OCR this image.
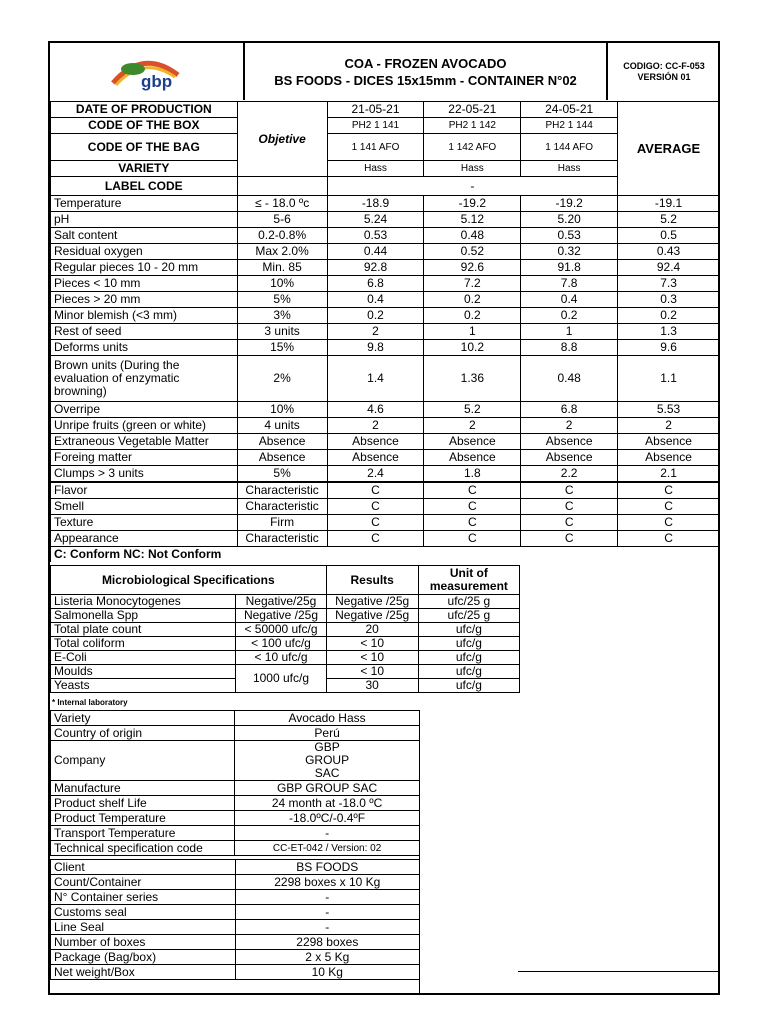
gbp

COA - FROZEN AVOCADO
BS FOODS - DICES 15x15mm - CONTAINER N°02

CODIGO: CC-F-053
VERSIÓN 01
DATE OF PRODUCTION	Objetive	21-05-21	22-05-21	24-05-21	AVERAGE
CODE OF THE BOX		PH2 1 141	PH2 1 142	PH2 1 144	
CODE OF THE BAG		1 141 AFO	1 142 AFO	1 144 AFO	
VARIETY		Hass	Hass	Hass	
LABEL CODE		-			
Temperature	≤ - 18.0 ºc	-18.9	-19.2	-19.2	-19.1
pH	5-6	5.24	5.12	5.20	5.2
Salt content	0.2-0.8%	0.53	0.48	0.53	0.5
Residual oxygen	Max 2.0%	0.44	0.52	0.32	0.43
Regular pieces 10 - 20 mm	Min. 85	92.8	92.6	91.8	92.4
Pieces < 10 mm	10%	6.8	7.2	7.8	7.3
Pieces > 20 mm	5%	0.4	0.2	0.4	0.3
Minor blemish (<3 mm)	3%	0.2	0.2	0.2	0.2
Rest of seed	3 units	2	1	1	1.3
Deforms units	15%	9.8	10.2	8.8	9.6
Brown units (During the evaluation of enzymatic browning)	2%	1.4	1.36	0.48	1.1
Overripe	10%	4.6	5.2	6.8	5.53
Unripe fruits (green or white)	4 units	2	2	2	2
Extraneous Vegetable Matter	Absence	Absence	Absence	Absence	Absence
Foreing matter	Absence	Absence	Absence	Absence	Absence
Clumps > 3 units	5%	2.4	1.8	2.2	2.1
Flavor	Characteristic	C	C	C	C
Smell	Characteristic	C	C	C	C
Texture	Firm	C	C	C	C
Appearance	Characteristic	C	C	C	C
C: Conform NC: Not Conform					
Microbiological Specifications		Results	Unit of measurement
Listeria Monocytogenes	Negative/25g	Negative /25g	ufc/25 g
Salmonella Spp	Negative /25g	Negative /25g	ufc/25 g
Total plate count	< 50000 ufc/g	20	ufc/g
Total coliform	< 100 ufc/g	< 10	ufc/g
E-Coli	< 10 ufc/g	< 10	ufc/g
Moulds	1000 ufc/g	< 10	ufc/g
Yeasts		30	ufc/g
* Internal laboratory
Variety	Avocado Hass
Country of origin	Perú
Company	GBP GROUP SAC
Manufacture	GBP GROUP SAC
Product shelf Life	24 month at -18.0 ºC
Product Temperature	-18.0ºC/-0.4ºF
Transport Temperature	-
Technical specification code	CC-ET-042 / Version: 02
Client	BS FOODS
Count/Container	2298 boxes x 10 Kg
N° Container series	-
Customs seal	-
Line Seal	-
Number of boxes	2298 boxes
Package (Bag/box)	2 x 5 Kg
Net weight/Box	10 Kg
